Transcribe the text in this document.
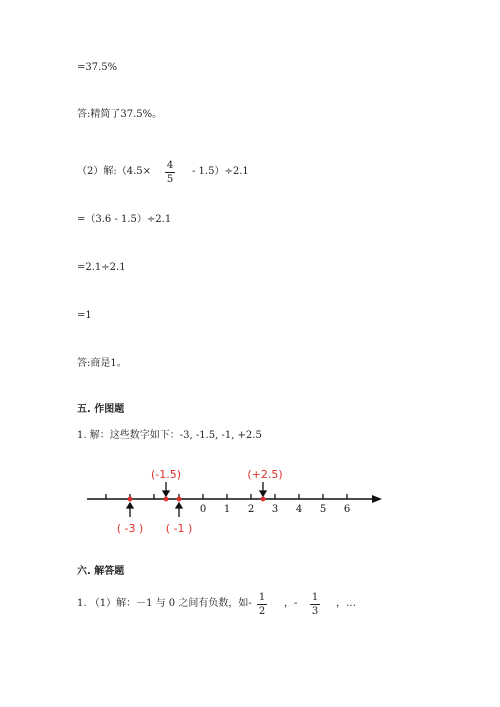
=37.5%
答:精简了37.5%。
（2）解:（4.5×
4
5
- 1.5）÷2.1
=（3.6 - 1.5）÷2.1
=2.1÷2.1
=1
答:商是1。
五. 作图题
1. 解：这些数字如下：-3, -1.5, -1, +2.5
0 1 2 3 4 5 6
(-1.5)	(+2.5)
( -3 ) ( -1 )
六. 解答题
1. （1）解：－1 与 0 之间有负数，如-
1
2
，-
1
3
，…
